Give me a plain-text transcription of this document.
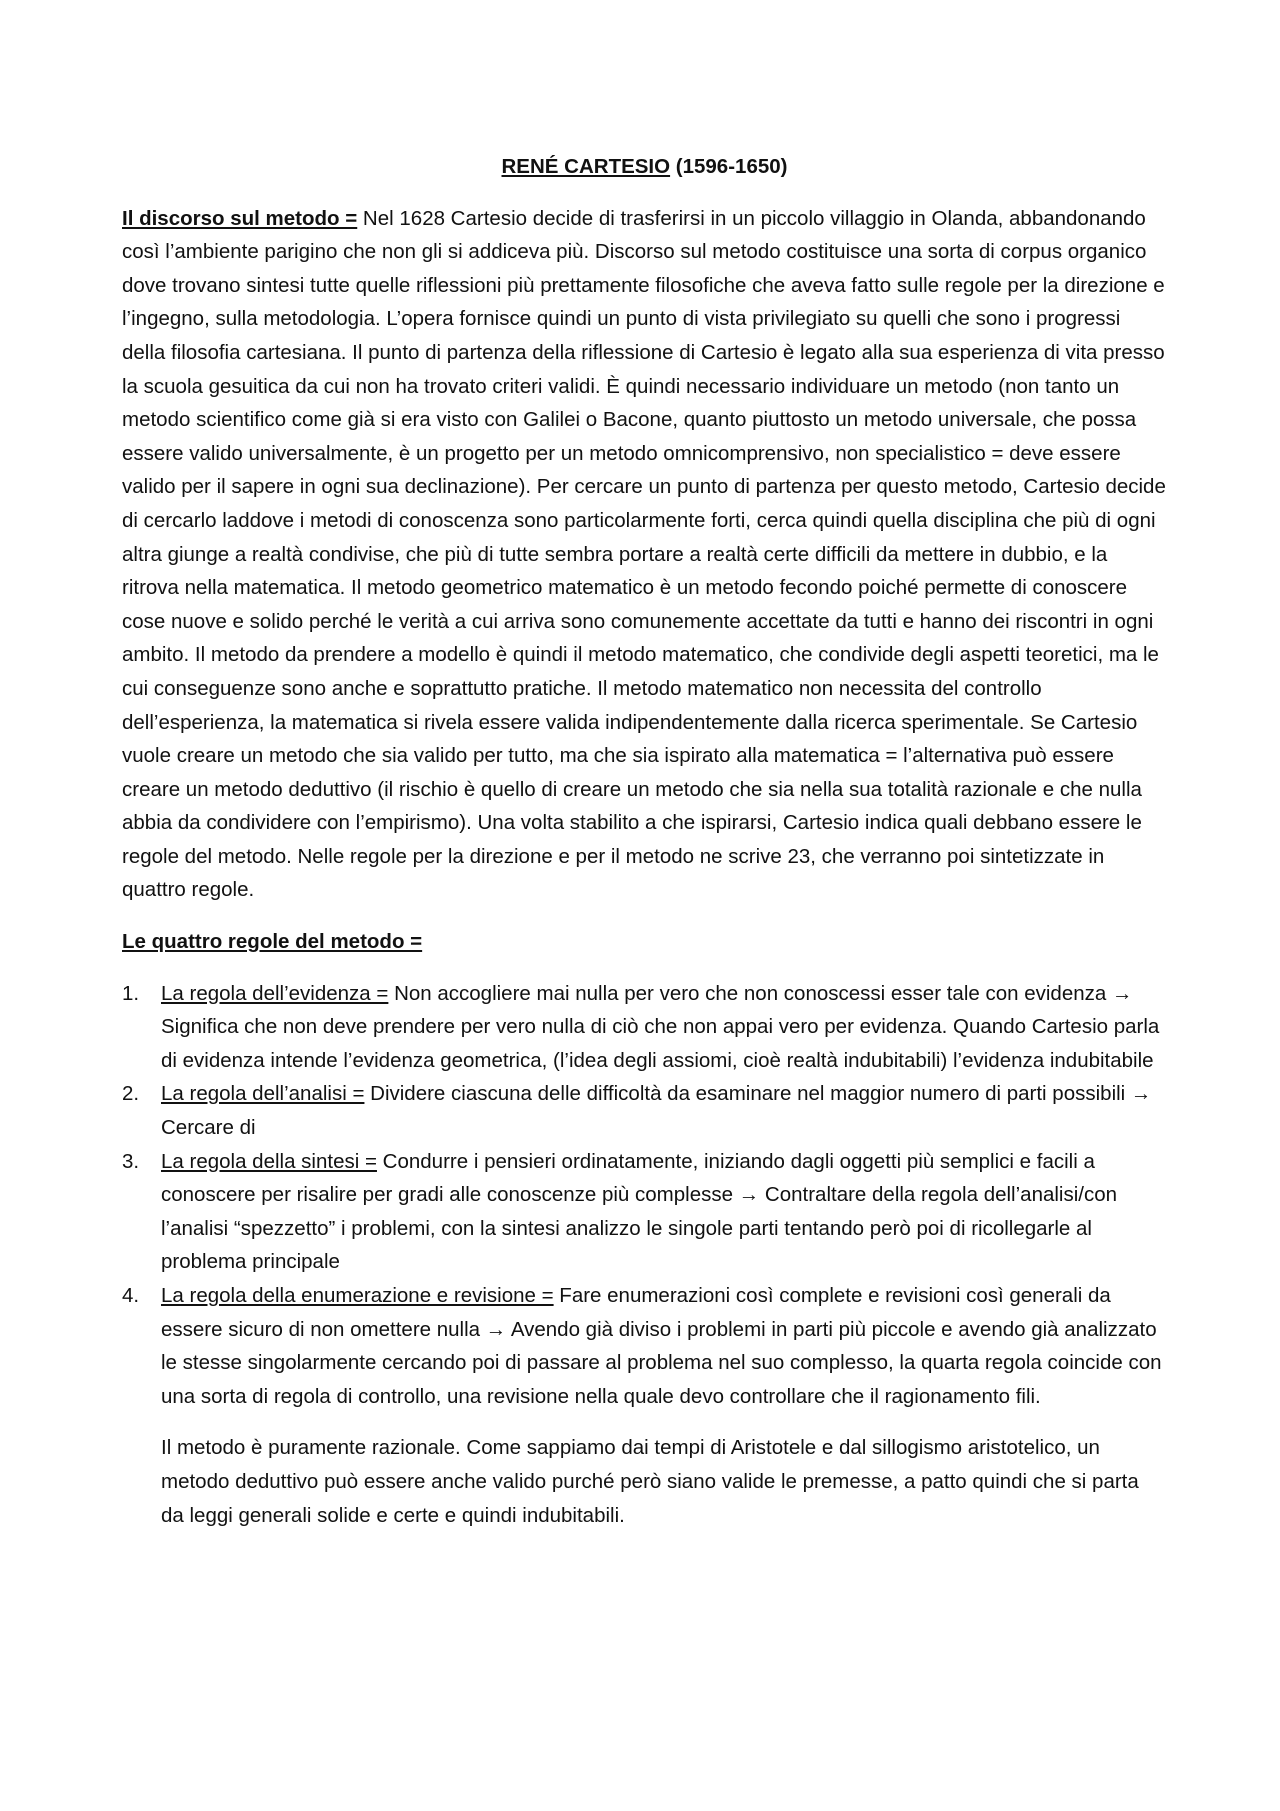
RENÉ CARTESIO (1596-1650)

Il discorso sul metodo = Nel 1628 Cartesio decide di trasferirsi in un piccolo villaggio in Olanda, abbandonando così l’ambiente parigino che non gli si addiceva più. Discorso sul metodo costituisce una sorta di corpus organico dove trovano sintesi tutte quelle riflessioni più prettamente filosofiche che aveva fatto sulle regole per la direzione e l’ingegno, sulla metodologia. L’opera fornisce quindi un punto di vista privilegiato su quelli che sono i progressi della filosofia cartesiana. Il punto di partenza della riflessione di Cartesio è legato alla sua esperienza di vita presso la scuola gesuitica da cui non ha trovato criteri validi. È quindi necessario individuare un metodo (non tanto un metodo scientifico come già si era visto con Galilei o Bacone, quanto piuttosto un metodo universale, che possa essere valido universalmente, è un progetto per un metodo omnicomprensivo, non specialistico = deve essere valido per il sapere in ogni sua declinazione). Per cercare un punto di partenza per questo metodo, Cartesio decide di cercarlo laddove i metodi di conoscenza sono particolarmente forti, cerca quindi quella disciplina che più di ogni altra giunge a realtà condivise, che più di tutte sembra portare a realtà certe difficili da mettere in dubbio, e la ritrova nella matematica. Il metodo geometrico matematico è un metodo fecondo poiché permette di conoscere cose nuove e solido perché le verità a cui arriva sono comunemente accettate da tutti e hanno dei riscontri in ogni ambito. Il metodo da prendere a modello è quindi il metodo matematico, che condivide degli aspetti teoretici, ma le cui conseguenze sono anche e soprattutto pratiche. Il metodo matematico non necessita del controllo dell’esperienza, la matematica si rivela essere valida indipendentemente dalla ricerca sperimentale. Se Cartesio vuole creare un metodo che sia valido per tutto, ma che sia ispirato alla matematica = l’alternativa può essere creare un metodo deduttivo (il rischio è quello di creare un metodo che sia nella sua totalità razionale e che nulla abbia da condividere con l’empirismo). Una volta stabilito a che ispirarsi, Cartesio indica quali debbano essere le regole del metodo. Nelle regole per la direzione e per il metodo ne scrive 23, che verranno poi sintetizzate in quattro regole.

Le quattro regole del metodo =
1. La regola dell’evidenza = Non accogliere mai nulla per vero che non conoscessi esser tale con evidenza → Significa che non deve prendere per vero nulla di ciò che non appai vero per evidenza. Quando Cartesio parla di evidenza intende l’evidenza geometrica, (l’idea degli assiomi, cioè realtà indubitabili) l’evidenza indubitabile
2. La regola dell’analisi = Dividere ciascuna delle difficoltà da esaminare nel maggior numero di parti possibili → Cercare di
3. La regola della sintesi = Condurre i pensieri ordinatamente, iniziando dagli oggetti più semplici e facili a conoscere per risalire per gradi alle conoscenze più complesse → Contraltare della regola dell’analisi/con l’analisi “spezzetto” i problemi, con la sintesi analizzo le singole parti tentando però poi di ricollegarle al problema principale
4. La regola della enumerazione e revisione = Fare enumerazioni così complete e revisioni così generali da essere sicuro di non omettere nulla → Avendo già diviso i problemi in parti più piccole e avendo già analizzato le stesse singolarmente cercando poi di passare al problema nel suo complesso, la quarta regola coincide con una sorta di regola di controllo, una revisione nella quale devo controllare che il ragionamento fili.

Il metodo è puramente razionale. Come sappiamo dai tempi di Aristotele e dal sillogismo aristotelico, un metodo deduttivo può essere anche valido purché però siano valide le premesse, a patto quindi che si parta da leggi generali solide e certe e quindi indubitabili.
